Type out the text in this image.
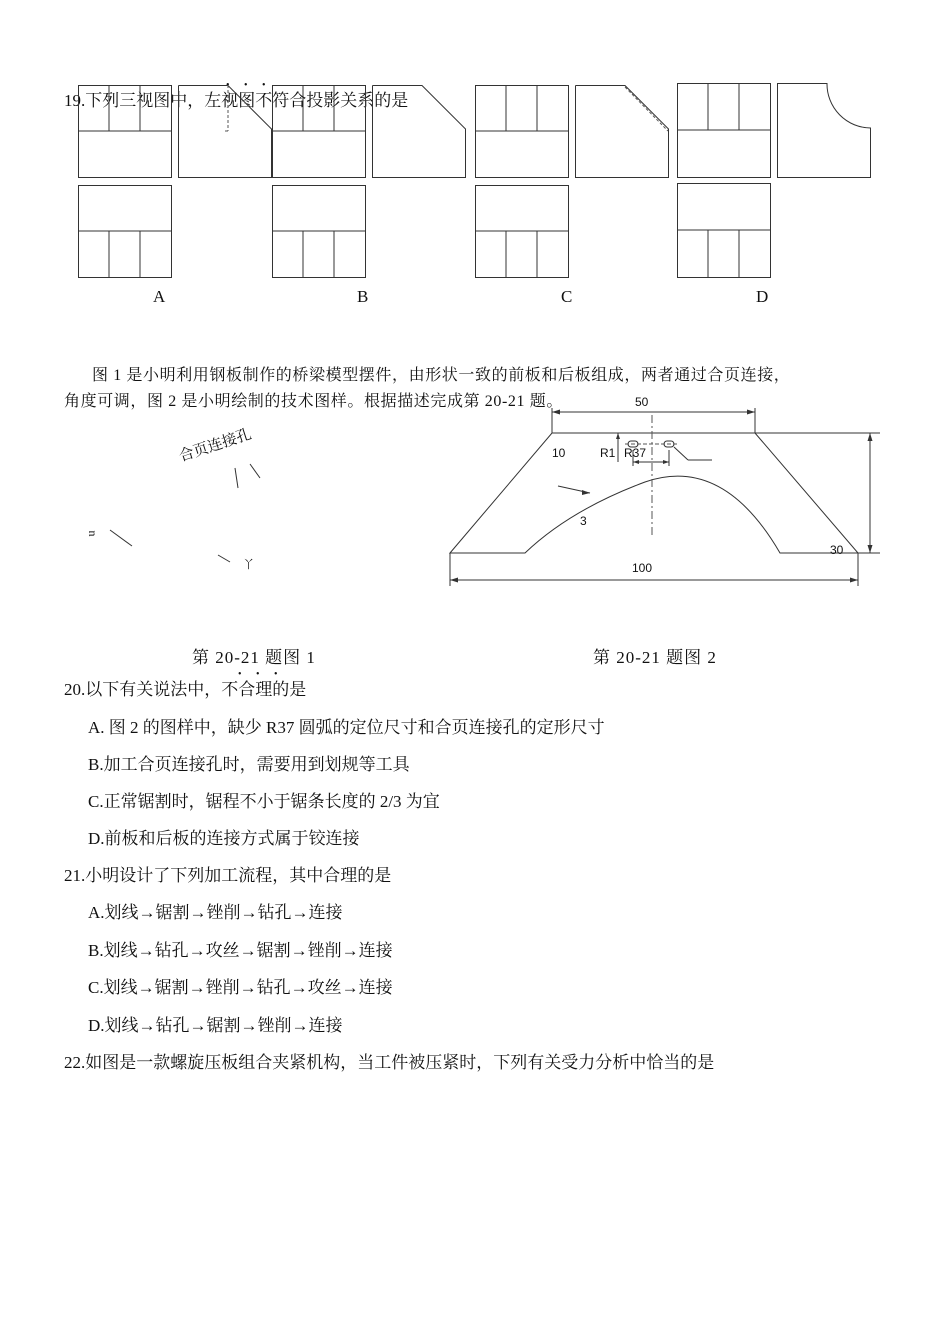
• • •
19.下列三视图中，左视图不符合投影关系的是
A	B	C	D
图 1 是小明利用钢板制作的桥梁模型摆件，由形状一致的前板和后板组成，两者通过合页连接，
角度可调，图 2 是小明绘制的技术图样。根据描述完成第 20-21 题。
合页连接孔
u
丫
50
10	R1 R37
3
100
30
第 20-21 题图 1	第 20-21 题图 2
• • •
20.以下有关说法中，不合理的是
A. 图 2 的图样中，缺少 R37 圆弧的定位尺寸和合页连接孔的定形尺寸
B.加工合页连接孔时，需要用到划规等工具
C.正常锯割时，锯程不小于锯条长度的 2/3 为宜
D.前板和后板的连接方式属于铰连接
21.小明设计了下列加工流程，其中合理的是
A.划线→锯割→锉削→钻孔→连接
B.划线→钻孔→攻丝→锯割→锉削→连接
C.划线→锯割→锉削→钻孔→攻丝→连接
D.划线→钻孔→锯割→锉削→连接
22.如图是一款螺旋压板组合夹紧机构，当工件被压紧时，下列有关受力分析中恰当的是
